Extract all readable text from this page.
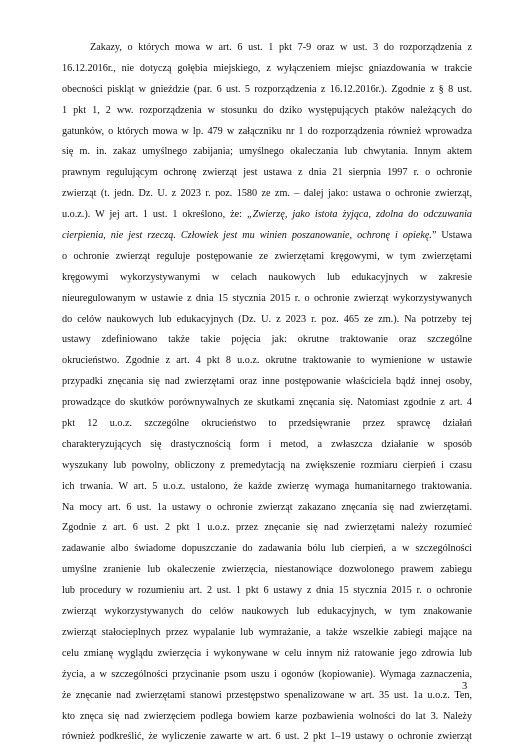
Zakazy, o których mowa w art. 6 ust. 1 pkt 7-9 oraz w ust. 3 do rozporządzenia z
16.12.2016r., nie dotyczą gołębia miejskiego, z wyłączeniem miejsc gniazdowania w trakcie
obecności piskląt w gnieździe (par. 6 ust. 5 rozporządzenia z 16.12.2016r.). Zgodnie z § 8 ust.
1 pkt 1, 2 ww. rozporządzenia w stosunku do dziko występujących ptaków należących do
gatunków, o których mowa w lp. 479 w załączniku nr 1 do rozporządzenia również wprowadza
się m. in. zakaz umyślnego zabijania; umyślnego okaleczania lub chwytania. Innym aktem
prawnym regulującym ochronę zwierząt jest ustawa z dnia 21 sierpnia 1997 r. o ochronie
zwierząt (t. jedn. Dz. U. z 2023 r. poz. 1580 ze zm. – dalej jako: ustawa o ochronie zwierząt,
u.o.z.). W jej art. 1 ust. 1 określono, że: „Zwierzę, jako istota żyjąca, zdolna do odczuwania
cierpienia, nie jest rzeczą. Człowiek jest mu winien poszanowanie, ochronę i opiekę.” Ustawa
o ochronie zwierząt reguluje postępowanie ze zwierzętami kręgowymi, w tym zwierzętami
kręgowymi wykorzystywanymi w celach naukowych lub edukacyjnych w zakresie
nieuregulowanym w ustawie z dnia 15 stycznia 2015 r. o ochronie zwierząt wykorzystywanych
do celów naukowych lub edukacyjnych (Dz. U. z 2023 r. poz. 465 ze zm.). Na potrzeby tej
ustawy zdefiniowano także takie pojęcia jak: okrutne traktowanie oraz szczególne
okrucieństwo. Zgodnie z art. 4 pkt 8 u.o.z. okrutne traktowanie to wymienione w ustawie
przypadki znęcania się nad zwierzętami oraz inne postępowanie właściciela bądź innej osoby,
prowadzące do skutków porównywalnych ze skutkami znęcania się. Natomiast zgodnie z art. 4
pkt 12 u.o.z. szczególne okrucieństwo to przedsięwranie przez sprawcę działań
charakteryzujących się drastycznością form i metod, a zwłaszcza działanie w sposób
wyszukany lub powolny, obliczony z premedytacją na zwiększenie rozmiaru cierpień i czasu
ich trwania. W art. 5 u.o.z. ustalono, że każde zwierzę wymaga humanitarnego traktowania.
Na mocy art. 6 ust. 1a ustawy o ochronie zwierząt zakazano znęcania się nad zwierzętami.
Zgodnie z art. 6 ust. 2 pkt 1 u.o.z. przez znęcanie się nad zwierzętami należy rozumieć
zadawanie albo świadome dopuszczanie do zadawania bólu lub cierpień, a w szczególności
umyślne zranienie lub okaleczenie zwierzęcia, niestanowiące dozwolonego prawem zabiegu
lub procedury w rozumieniu art. 2 ust. 1 pkt 6 ustawy z dnia 15 stycznia 2015 r. o ochronie
zwierząt wykorzystywanych do celów naukowych lub edukacyjnych, w tym znakowanie
zwierząt stałocieplnych przez wypalanie lub wymrażanie, a także wszelkie zabiegi mające na
celu zmianę wyglądu zwierzęcia i wykonywane w celu innym niż ratowanie jego zdrowia lub
życia, a w szczególności przycinanie psom uszu i ogonów (kopiowanie). Wymaga zaznaczenia,
że znęcanie nad zwierzętami stanowi przestępstwo spenalizowane w art. 35 ust. 1a u.o.z. Ten,
kto znęca się nad zwierzęciem podlega bowiem karze pozbawienia wolności do lat 3. Należy
również podkreślić, że wyliczenie zawarte w art. 6 ust. 2 pkt 1–19 ustawy o ochronie zwierząt
3
